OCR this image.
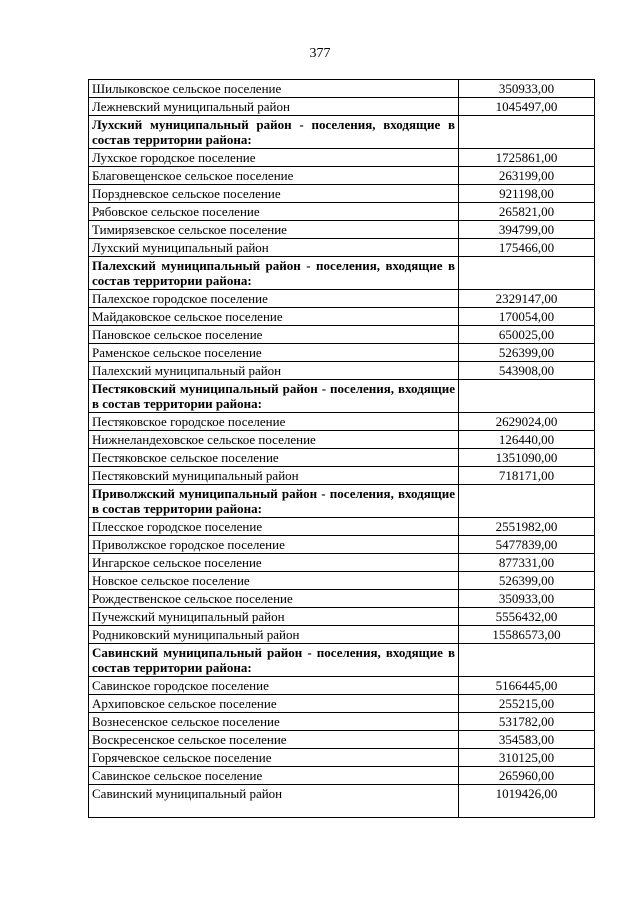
377
Шилыковское сельское поселение	350933,00
Лежневский муниципальный район	1045497,00
Лухский муниципальный район - поселения, входящие в состав территории района:	
Лухское городское поселение	1725861,00
Благовещенское сельское поселение	263199,00
Порздневское сельское поселение	921198,00
Рябовское сельское поселение	265821,00
Тимирязевское сельское поселение	394799,00
Лухский муниципальный район	175466,00
Палехский муниципальный район - поселения, входящие в состав территории района:	
Палехское городское поселение	2329147,00
Майдаковское сельское поселение	170054,00
Пановское сельское поселение	650025,00
Раменское сельское поселение	526399,00
Палехский муниципальный район	543908,00
Пестяковский муниципальный район - поселения, входящие в состав территории района:	
Пестяковское городское поселение	2629024,00
Нижнеландеховское сельское поселение	126440,00
Пестяковское сельское поселение	1351090,00
Пестяковский муниципальный район	718171,00
Приволжский муниципальный район - поселения, входящие в состав территории района:	
Плесское городское поселение	2551982,00
Приволжское городское поселение	5477839,00
Ингарское сельское поселение	877331,00
Новское сельское поселение	526399,00
Рождественское сельское поселение	350933,00
Пучежский муниципальный район	5556432,00
Родниковский муниципальный район	15586573,00
Савинский муниципальный район - поселения, входящие в состав территории района:	
Савинское городское поселение	5166445,00
Архиповское сельское поселение	255215,00
Вознесенское сельское поселение	531782,00
Воскресенское сельское поселение	354583,00
Горячевское сельское поселение	310125,00
Савинское сельское поселение	265960,00
Савинский муниципальный район	1019426,00
